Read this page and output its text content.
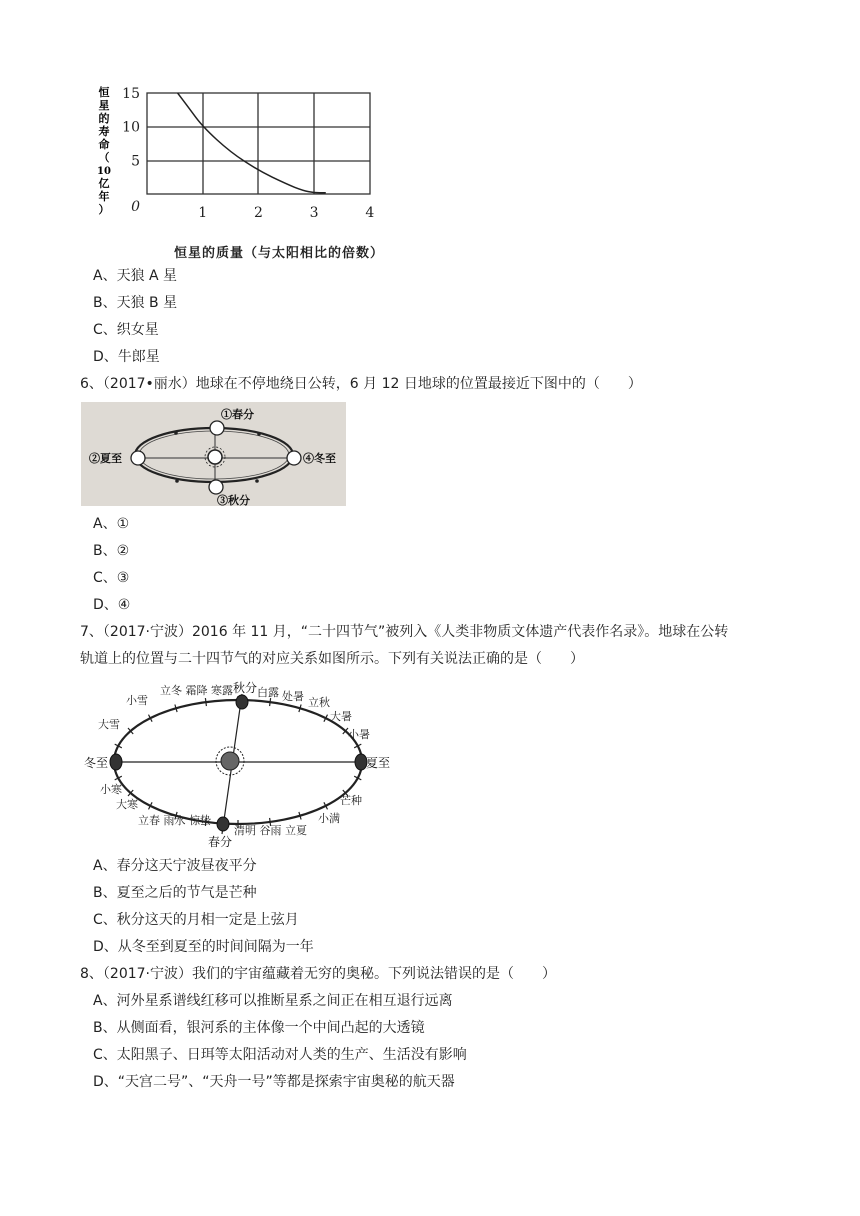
恒
星
的
寿
命
（
10
亿
年
）
15
10
5
0	1	2	3	4
恒星的质量（与太阳相比的倍数）
A、天狼 A 星
B、天狼 B 星
C、织女星
D、牛郎星
6、（2017•丽水）地球在不停地绕日公转，6 月 12 日地球的位置最接近下图中的（　　）
①春分
②夏至
③秋分
④冬至
A、①
B、②
C、③
D、④
7、（2017·宁波）2016 年 11 月，“二十四节气”被列入《人类非物质文体遗产代表作名录》。地球在公转
轨道上的位置与二十四节气的对应关系如图所示。下列有关说法正确的是（　　）
冬至	夏至
春分
秋分
小雪
立冬 霜降 寒露 白露 处暑 立秋
大暑
小暑
大雪
小寒
大寒
立春 雨水 惊蛰
清明 谷雨 立夏
小满
芒种
A、春分这天宁波昼夜平分
B、夏至之后的节气是芒种
C、秋分这天的月相一定是上弦月
D、从冬至到夏至的时间间隔为一年
8、（2017·宁波）我们的宇宙蕴藏着无穷的奥秘。下列说法错误的是（　　）
A、河外星系谱线红移可以推断星系之间正在相互退行远离
B、从侧面看，银河系的主体像一个中间凸起的大透镜
C、太阳黑子、日珥等太阳活动对人类的生产、生活没有影响
D、“天宫二号”、“天舟一号”等都是探索宇宙奥秘的航天器
